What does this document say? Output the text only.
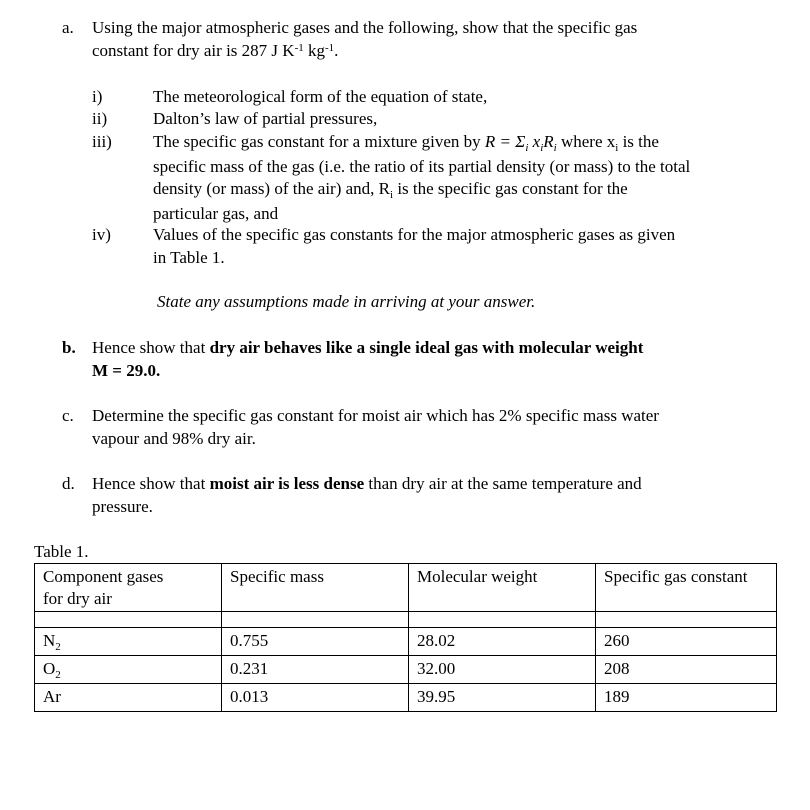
a. Using the major atmospheric gases and the following, show that the specific gas
constant for dry air is 287 J $K^{-1}$ $kg^{-1}$.
i)	The meteorological form of the equation of state,
ii)	Dalton’s law of partial pressures,
iii)	The specific gas constant for a mixture given by $R = \Sigma_i$ $x_iR_i$ where $x_i$ is the
specific mass of the gas (i.e. the ratio of its partial density (or mass) to the total
density (or mass) of the air) and, $R_i$ is the specific gas constant for the
particular gas, and
iv)	Values of the specific gas constants for the major atmospheric gases as given
in Table 1.
State any assumptions made in arriving at your answer.
b. Hence show that dry air behaves like a single ideal gas with molecular weight
M = 29.0.
c. Determine the specific gas constant for moist air which has 2% specific mass water
vapour and 98% dry air.
d. Hence show that moist air is less dense than dry air at the same temperature and
pressure.
Table 1.
Component gases
for dry air	Specific mass	Molecular weight	Specific gas constant

$N_2$	0.755	28.02	260
$O_2$	0.231	32.00	208
Ar	0.013	39.95	189
